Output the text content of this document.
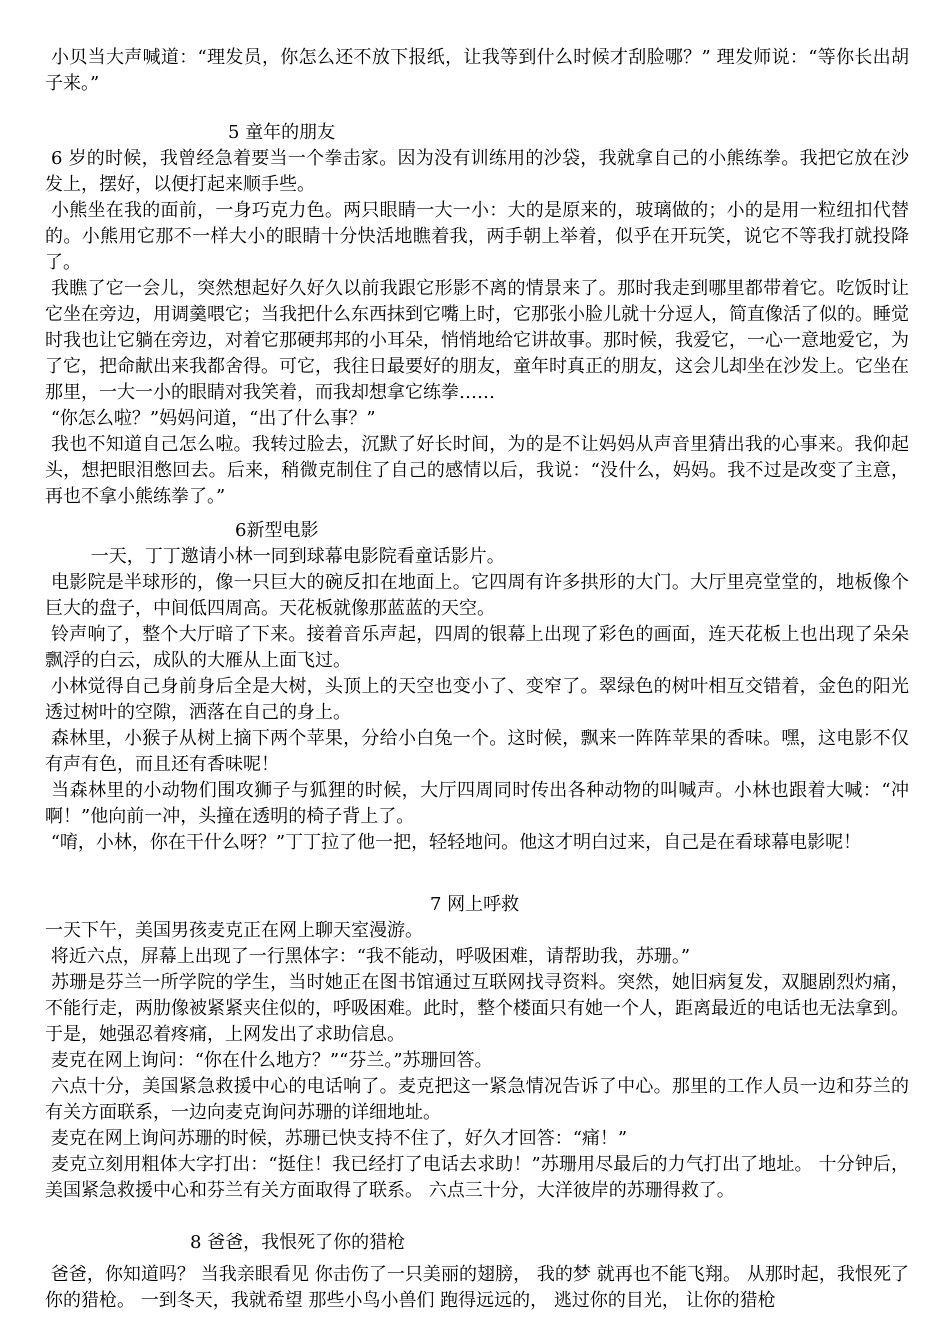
小贝当大声喊道：“理发员，你怎么还不放下报纸，让我等到什么时候才刮脸哪？” 理发师说：“等你长出胡子来。”

5 童年的朋友

6 岁的时候，我曾经急着要当一个拳击家。因为没有训练用的沙袋，我就拿自己的小熊练拳。我把它放在沙发上，摆好，以便打起来顺手些。

小熊坐在我的面前，一身巧克力色。两只眼睛一大一小：大的是原来的，玻璃做的；小的是用一粒纽扣代替的。小熊用它那不一样大小的眼睛十分快活地瞧着我，两手朝上举着，似乎在开玩笑，说它不等我打就投降了。

我瞧了它一会儿，突然想起好久好久以前我跟它形影不离的情景来了。那时我走到哪里都带着它。吃饭时让它坐在旁边，用调羹喂它；当我把什么东西抹到它嘴上时，它那张小脸儿就十分逗人，简直像活了似的。睡觉时我也让它躺在旁边，对着它那硬邦邦的小耳朵，悄悄地给它讲故事。那时候，我爱它，一心一意地爱它，为了它，把命献出来我都舍得。可它，我往日最要好的朋友，童年时真正的朋友，这会儿却坐在沙发上。它坐在那里，一大一小的眼睛对我笑着，而我却想拿它练拳……

“你怎么啦？”妈妈问道，“出了什么事？”

我也不知道自己怎么啦。我转过脸去，沉默了好长时间，为的是不让妈妈从声音里猜出我的心事来。我仰起头，想把眼泪憋回去。后来，稍微克制住了自己的感情以后，我说：“没什么，妈妈。我不过是改变了主意，再也不拿小熊练拳了。”

6新型电影

一天，丁丁邀请小林一同到球幕电影院看童话影片。

电影院是半球形的，像一只巨大的碗反扣在地面上。它四周有许多拱形的大门。大厅里亮堂堂的，地板像个巨大的盘子，中间低四周高。天花板就像那蓝蓝的天空。

铃声响了，整个大厅暗了下来。接着音乐声起，四周的银幕上出现了彩色的画面，连天花板上也出现了朵朵飘浮的白云，成队的大雁从上面飞过。

小林觉得自己身前身后全是大树，头顶上的天空也变小了、变窄了。翠绿色的树叶相互交错着，金色的阳光透过树叶的空隙，洒落在自己的身上。

森林里，小猴子从树上摘下两个苹果，分给小白兔一个。这时候，飘来一阵阵苹果的香味。嘿，这电影不仅有声有色，而且还有香味呢！

当森林里的小动物们围攻狮子与狐狸的时候，大厅四周同时传出各种动物的叫喊声。小林也跟着大喊：“冲啊！”他向前一冲，头撞在透明的椅子背上了。

“唷，小林，你在干什么呀？”丁丁拉了他一把，轻轻地问。他这才明白过来，自己是在看球幕电影呢！

7 网上呼救

一天下午，美国男孩麦克正在网上聊天室漫游。

将近六点，屏幕上出现了一行黑体字：“我不能动，呼吸困难，请帮助我，苏珊。”

苏珊是芬兰一所学院的学生，当时她正在图书馆通过互联网找寻资料。突然，她旧病复发，双腿剧烈灼痛，不能行走，两肋像被紧紧夹住似的，呼吸困难。此时，整个楼面只有她一个人，距离最近的电话也无法拿到。于是，她强忍着疼痛，上网发出了求助信息。

麦克在网上询问：“你在什么地方？”“芬兰。”苏珊回答。

六点十分，美国紧急救援中心的电话响了。麦克把这一紧急情况告诉了中心。那里的工作人员一边和芬兰的有关方面联系，一边向麦克询问苏珊的详细地址。

麦克在网上询问苏珊的时候，苏珊已快支持不住了，好久才回答：“痛！”

麦克立刻用粗体大字打出：“挺住！我已经打了电话去求助！”苏珊用尽最后的力气打出了地址。 十分钟后，美国紧急救援中心和芬兰有关方面取得了联系。 六点三十分，大洋彼岸的苏珊得救了。

8 爸爸，我恨死了你的猎枪

爸爸，你知道吗？ 当我亲眼看见 你击伤了一只美丽的翅膀， 我的梦 就再也不能飞翔。 从那时起，我恨死了你的猎枪。 一到冬天，我就希望 那些小鸟小兽们 跑得远远的， 逃过你的目光， 让你的猎枪
